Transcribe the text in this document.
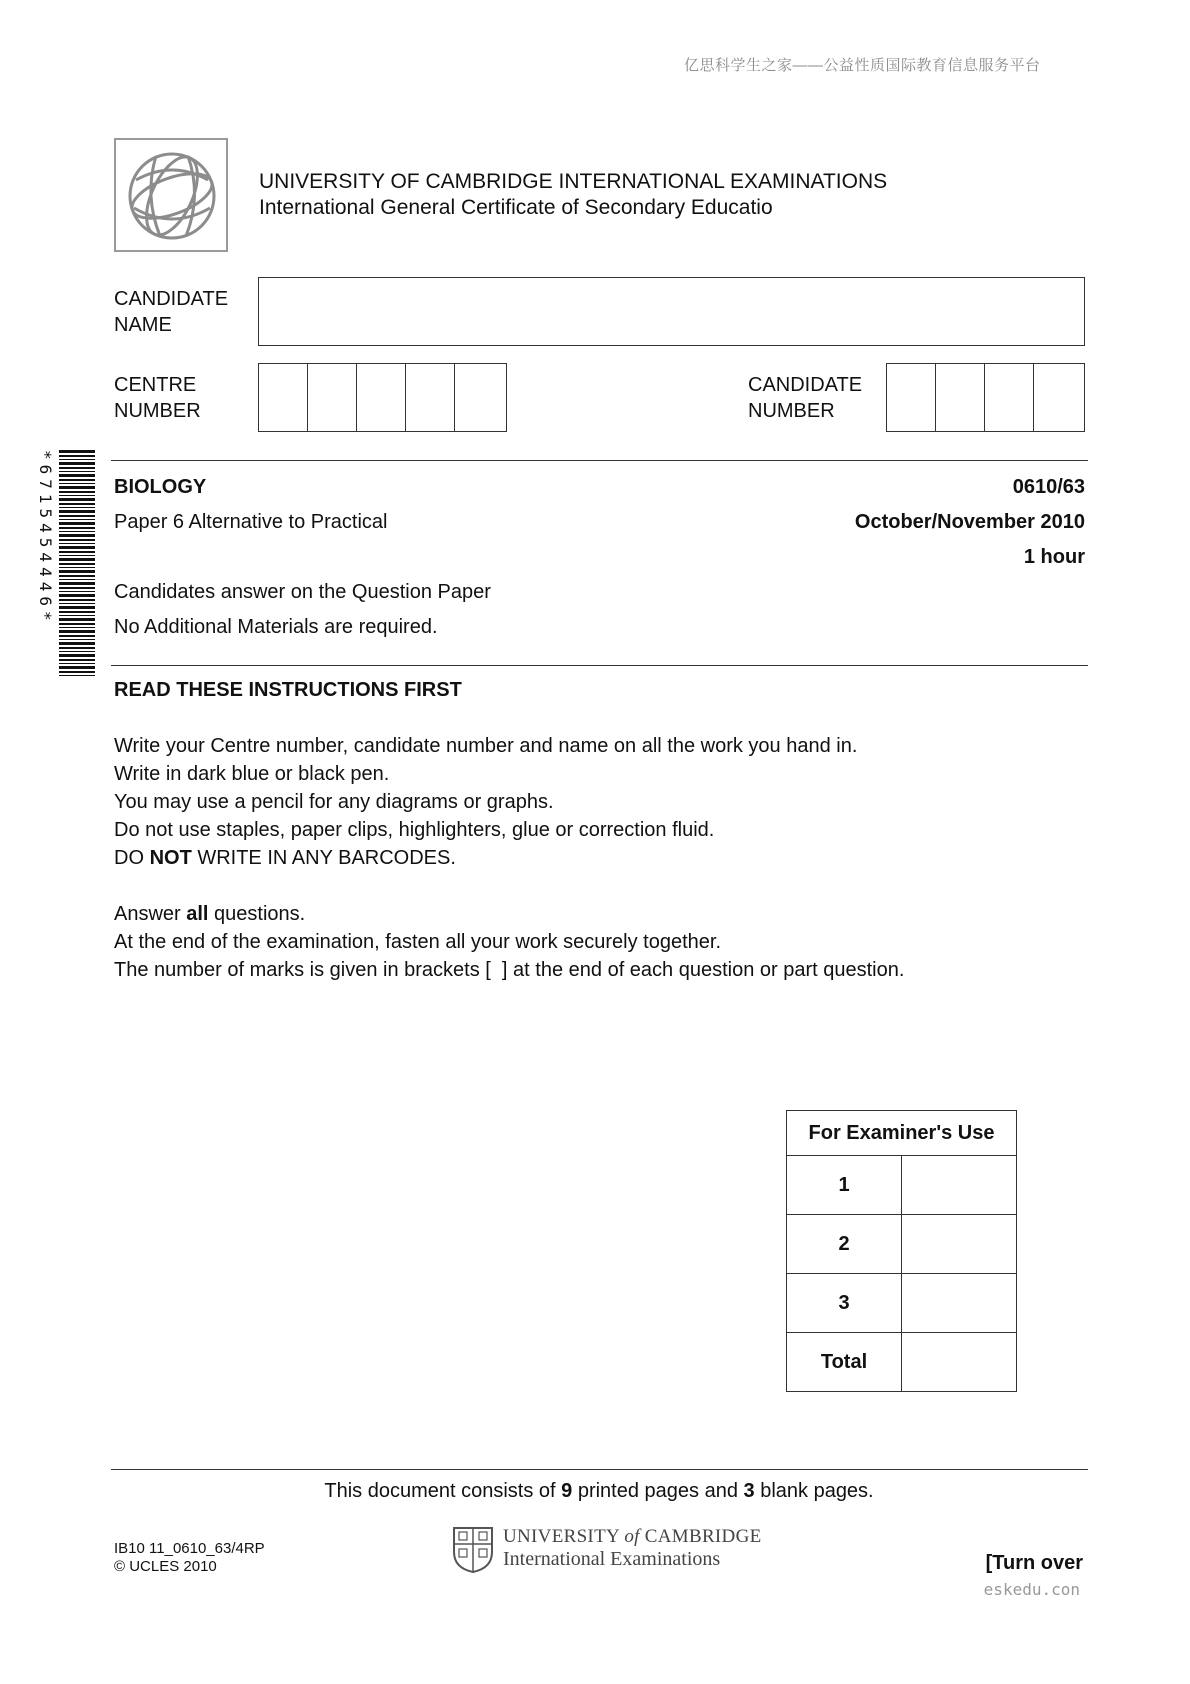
亿思科学生之家——公益性质国际教育信息服务平台
UNIVERSITY OF CAMBRIDGE INTERNATIONAL EXAMINATIONS
International General Certificate of Secondary Educatio
CANDIDATE
NAME
CENTRE
NUMBER
CANDIDATE
NUMBER
*6715454446*	BIOLOGY	0610/63
Paper 6 Alternative to Practical	October/November 2010
1 hour
Candidates answer on the Question Paper
No Additional Materials are required.
READ THESE INSTRUCTIONS FIRST
Write your Centre number, candidate number and name on all the work you hand in.
Write in dark blue or black pen.
You may use a pencil for any diagrams or graphs.
Do not use staples, paper clips, highlighters, glue or correction fluid.
DO NOT WRITE IN ANY BARCODES.
Answer all questions.
At the end of the examination, fasten all your work securely together.
The number of marks is given in brackets [  ] at the end of each question or part question.
For Examiner's Use	
1	
2	
3	
Total	
This document consists of 9 printed pages and 3 blank pages.
IB10 11_0610_63/4RP
© UCLES 2010
UNIVERSITY of CAMBRIDGE
International Examinations	[Turn over
eskedu.con
